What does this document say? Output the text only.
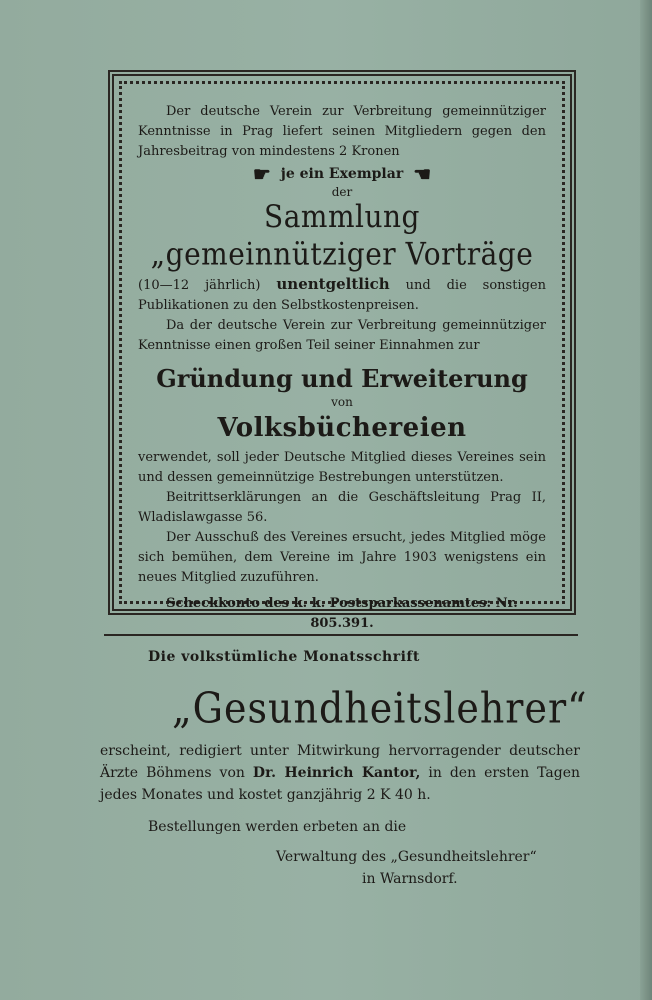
Der deutsche Verein zur Verbreitung gemeinnütziger Kenntnisse in Prag liefert seinen Mitgliedern gegen den Jahresbeitrag von mindestens 2 Kronen

☛ je ein Exemplar ☚
der
Sammlung „gemeinnütziger Vorträge

(10—12 jährlich) unentgeltlich und die sonstigen Publikationen zu den Selbstkostenpreisen.

Da der deutsche Verein zur Verbreitung gemeinnütziger Kenntnisse einen großen Teil seiner Einnahmen zur

Gründung und Erweiterung
von
Volksbüchereien

verwendet, soll jeder Deutsche Mitglied dieses Vereines sein und dessen gemeinnützige Bestrebungen unterstützen.

Beitrittserklärungen an die Geschäftsleitung Prag II, Wladislawgasse 56.

Der Ausschuß des Vereines ersucht, jedes Mitglied möge sich bemühen, dem Vereine im Jahre 1903 wenigstens ein neues Mitglied zuzuführen.

Scheckkonto des k. k. Postsparkassenamtes: Nr. 805.391.

Die volkstümliche Monatsschrift

„Gesundheitslehrer“

erscheint, redigiert unter Mitwirkung hervorragender deutscher Ärzte Böhmens von Dr. Heinrich Kantor, in den ersten Tagen jedes Monates und kostet ganzjährig 2 K 40 h.

Bestellungen werden erbeten an die

Verwaltung des „Gesundheitslehrer“

in Warnsdorf.
